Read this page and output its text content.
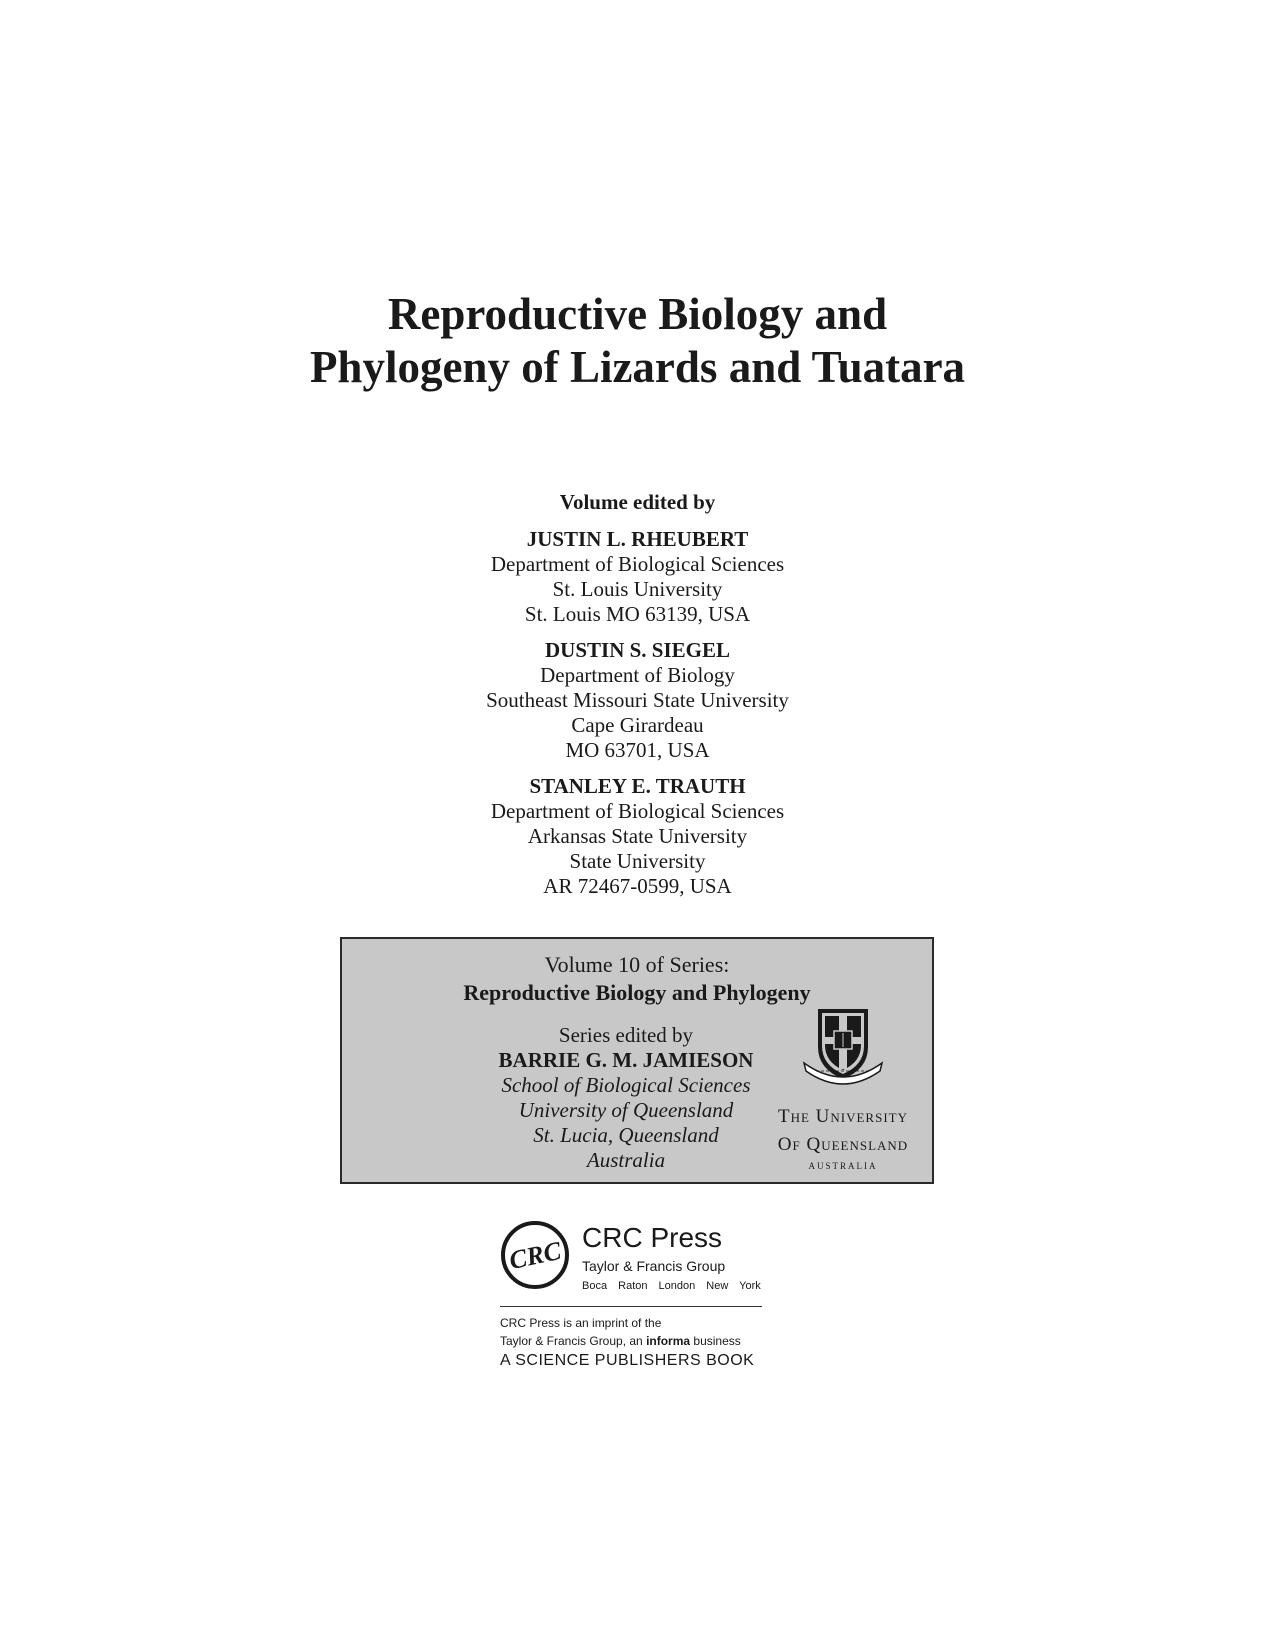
Reproductive Biology and
Phylogeny of Lizards and Tuatara
Volume edited by
JUSTIN L. RHEUBERT
Department of Biological Sciences
St. Louis University
St. Louis MO 63139, USA
DUSTIN S. SIEGEL
Department of Biology
Southeast Missouri State University
Cape Girardeau
MO 63701, USA
STANLEY E. TRAUTH
Department of Biological Sciences
Arkansas State University
State University
AR 72467-0599, USA
Volume 10 of Series:
Reproductive Biology and Phylogeny
Series edited by
BARRIE G. M. JAMIESON
School of Biological Sciences
University of Queensland
St. Lucia, Queensland
Australia
The University
Of Queensland
AUSTRALIA
CRC CRC Press
Taylor & Francis Group
Boca Raton London New York
CRC Press is an imprint of the
Taylor & Francis Group, an informa business
A SCIENCE PUBLISHERS BOOK
